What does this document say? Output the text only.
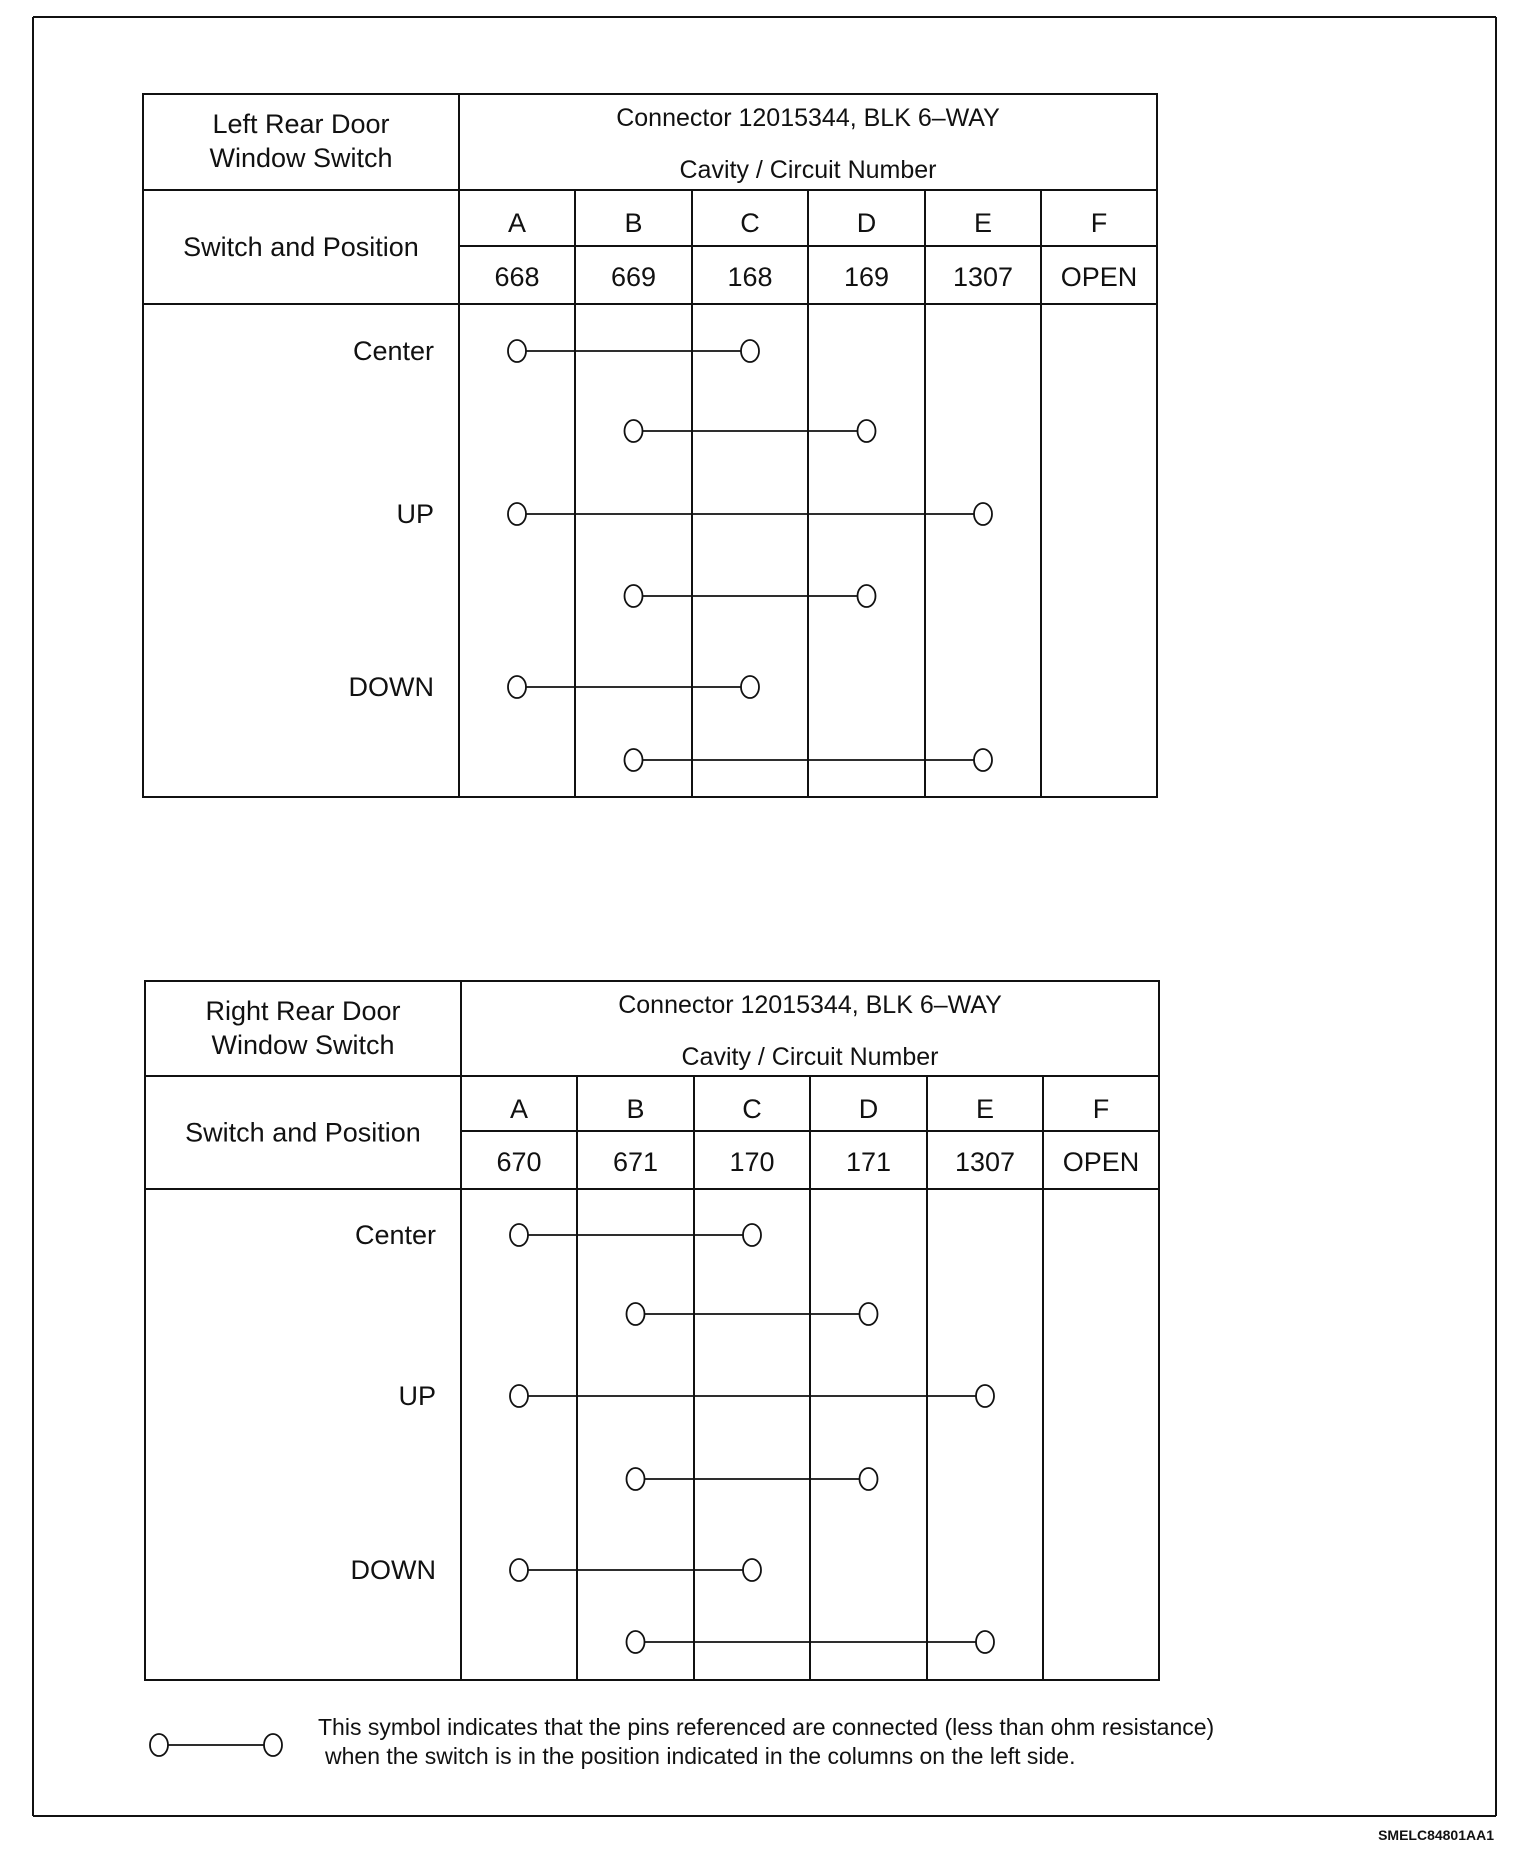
Left Rear Door
Window Switch
Connector 12015344, BLK 6–WAY
Cavity / Circuit Number
Switch and Position
A
668
B
669
C
168
D
169
E
1307
F
OPEN
Center
UP
DOWN
Right Rear Door
Window Switch
Connector 12015344, BLK 6–WAY
Cavity / Circuit Number
Switch and Position
A
670
B
671
C
170
D
171
E
1307
F
OPEN
Center
UP
DOWN
This symbol indicates that the pins referenced are connected (less than ohm resistance)
when the switch is in the position indicated in the columns on the left side.
SMELC84801AA1
